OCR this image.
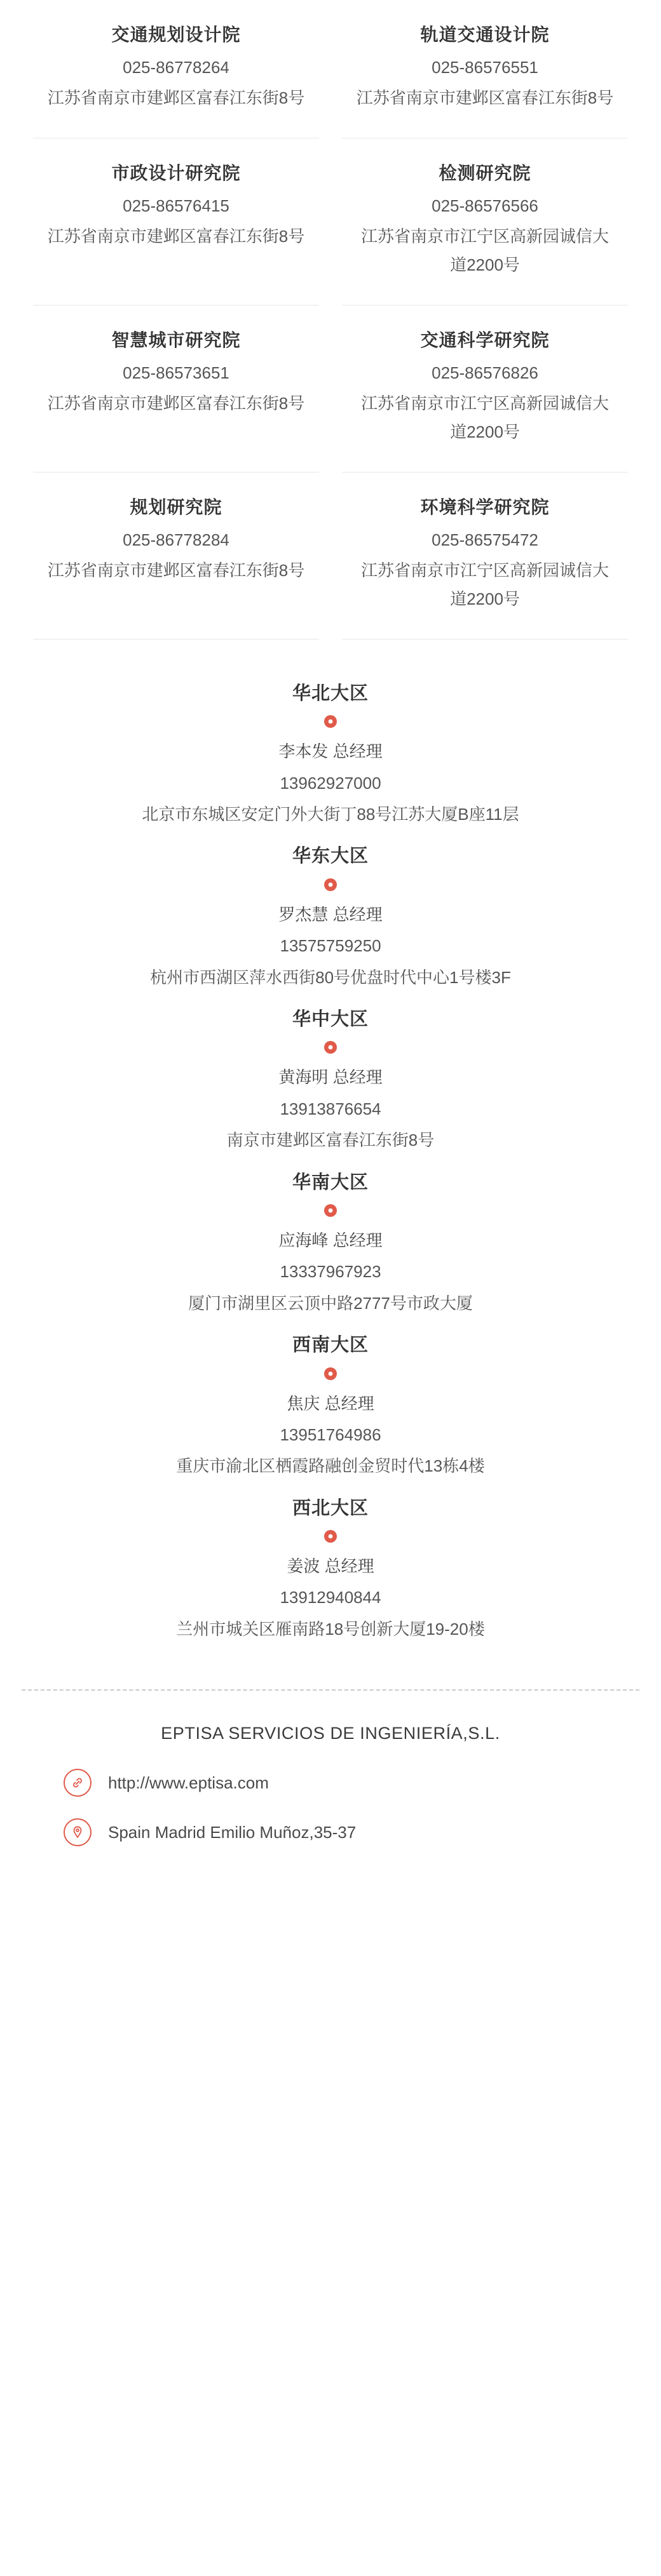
交通规划设计院
025-86778264
江苏省南京市建邺区富春江东街8号
轨道交通设计院
025-86576551
江苏省南京市建邺区富春江东街8号
市政设计研究院
025-86576415
江苏省南京市建邺区富春江东街8号
检测研究院
025-86576566
江苏省南京市江宁区高新园诚信大道2200号
智慧城市研究院
025-86573651
江苏省南京市建邺区富春江东街8号
交通科学研究院
025-86576826
江苏省南京市江宁区高新园诚信大道2200号
规划研究院
025-86778284
江苏省南京市建邺区富春江东街8号
环境科学研究院
025-86575472
江苏省南京市江宁区高新园诚信大道2200号
华北大区
李本发 总经理
13962927000
北京市东城区安定门外大街丁88号江苏大厦B座11层
华东大区
罗杰慧 总经理
13575759250
杭州市西湖区萍水西街80号优盘时代中心1号楼3F
华中大区
黄海明 总经理
13913876654
南京市建邺区富春江东街8号
华南大区
应海峰 总经理
13337967923
厦门市湖里区云顶中路2777号市政大厦
西南大区
焦庆 总经理
13951764986
重庆市渝北区栖霞路融创金贸时代13栋4楼
西北大区
姜波 总经理
13912940844
兰州市城关区雁南路18号创新大厦19-20楼
EPTISA SERVICIOS DE INGENIERÍA,S.L.
http://www.eptisa.com
Spain Madrid Emilio Muñoz,35-37
